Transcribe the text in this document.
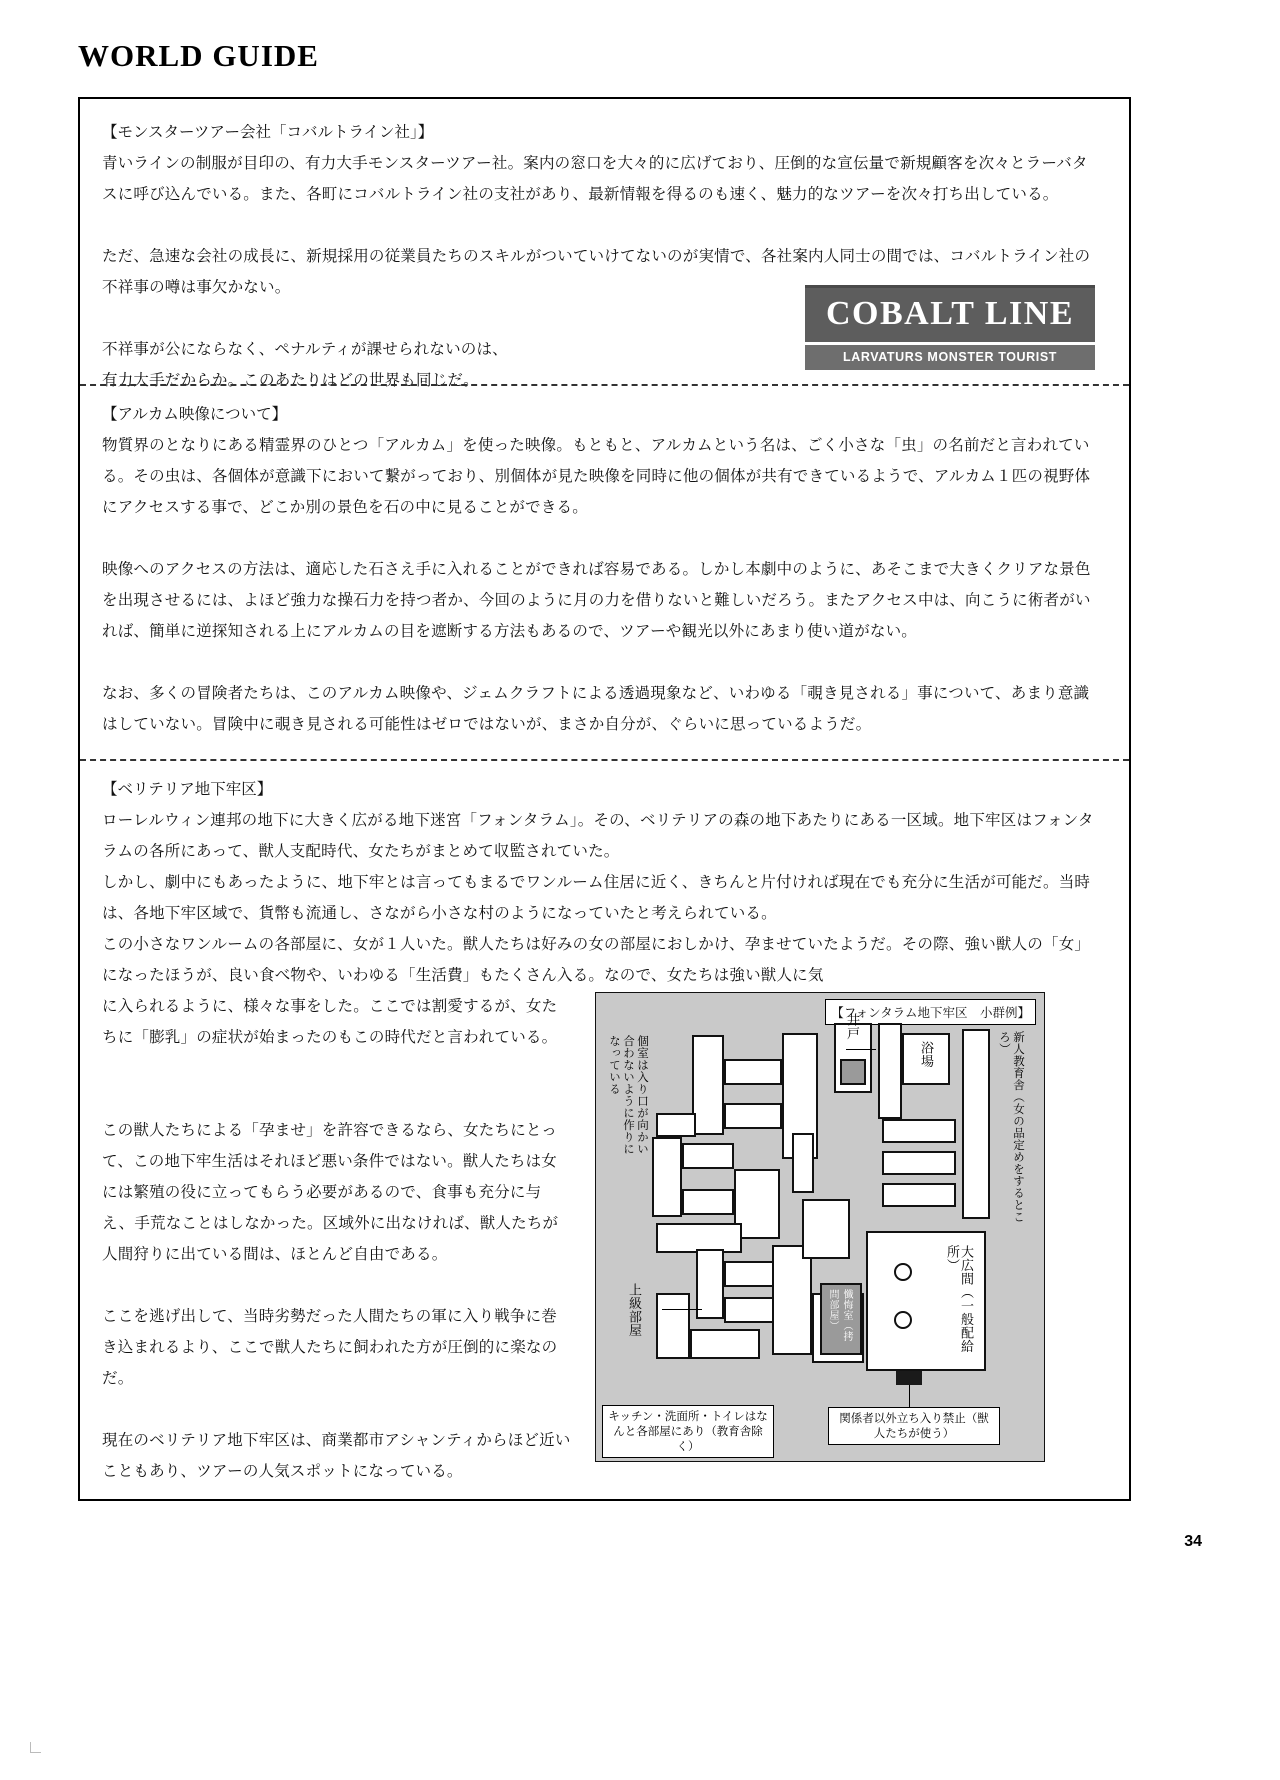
WORLD GUIDE
【モンスターツアー会社「コバルトライン社」】
青いラインの制服が目印の、有力大手モンスターツアー社。案内の窓口を大々的に広げており、圧倒的な宣伝量で新規顧客を次々とラーバタスに呼び込んでいる。また、各町にコバルトライン社の支社があり、最新情報を得るのも速く、魅力的なツアーを次々打ち出している。
ただ、急速な会社の成長に、新規採用の従業員たちのスキルがついていけてないのが実情で、各社案内人同士の間では、コバルトライン社の不祥事の噂は事欠かない。
不祥事が公にならなく、ペナルティが課せられないのは、
有力大手だからか。このあたりはどの世界も同じだ。
COBALT LINE
LARVATURS MONSTER TOURIST
【アルカム映像について】
物質界のとなりにある精霊界のひとつ「アルカム」を使った映像。もともと、アルカムという名は、ごく小さな「虫」の名前だと言われている。その虫は、各個体が意識下において繋がっており、別個体が見た映像を同時に他の個体が共有できているようで、アルカム１匹の視野体にアクセスする事で、どこか別の景色を石の中に見ることができる。
映像へのアクセスの方法は、適応した石さえ手に入れることができれば容易である。しかし本劇中のように、あそこまで大きくクリアな景色を出現させるには、よほど強力な操石力を持つ者か、今回のように月の力を借りないと難しいだろう。またアクセス中は、向こうに術者がいれば、簡単に逆探知される上にアルカムの目を遮断する方法もあるので、ツアーや観光以外にあまり使い道がない。
なお、多くの冒険者たちは、このアルカム映像や、ジェムクラフトによる透過現象など、いわゆる「覗き見される」事について、あまり意識はしていない。冒険中に覗き見される可能性はゼロではないが、まさか自分が、ぐらいに思っているようだ。
【ベリテリア地下牢区】
ローレルウィン連邦の地下に大きく広がる地下迷宮「フォンタラム」。その、ベリテリアの森の地下あたりにある一区域。地下牢区はフォンタラムの各所にあって、獣人支配時代、女たちがまとめて収監されていた。
しかし、劇中にもあったように、地下牢とは言ってもまるでワンルーム住居に近く、きちんと片付ければ現在でも充分に生活が可能だ。当時は、各地下牢区域で、貨幣も流通し、さながら小さな村のようになっていたと考えられている。
この小さなワンルームの各部屋に、女が１人いた。獣人たちは好みの女の部屋におしかけ、孕ませていたようだ。その際、強い獣人の「女」になったほうが、良い食べ物や、いわゆる「生活費」もたくさん入る。なので、女たちは強い獣人に気
に入られるように、様々な事をした。ここでは割愛するが、女たちに「膨乳」の症状が始まったのもこの時代だと言われている。
この獣人たちによる「孕ませ」を許容できるなら、女たちにとって、この地下牢生活はそれほど悪い条件ではない。獣人たちは女には繁殖の役に立ってもらう必要があるので、食事も充分に与え、手荒なことはしなかった。区域外に出なければ、獣人たちが人間狩りに出ている間は、ほとんど自由である。
ここを逃げ出して、当時劣勢だった人間たちの軍に入り戦争に巻き込まれるより、ここで獣人たちに飼われた方が圧倒的に楽なのだ。
現在のベリテリア地下牢区は、商業都市アシャンティからほど近いこともあり、ツアーの人気スポットになっている。
【フォンタラム地下牢区　小群例】
個室は入り口が向かい合わないように作りになっている
井戸
浴場	新人教育舎（女の品定めをするところ）
大広間（一般配給所）
上級部屋	懺悔室（拷問部屋）
キッチン・洗面所・トイレはなんと各部屋にあり（教育舎除く）
関係者以外立ち入り禁止（獣人たちが使う）
34
